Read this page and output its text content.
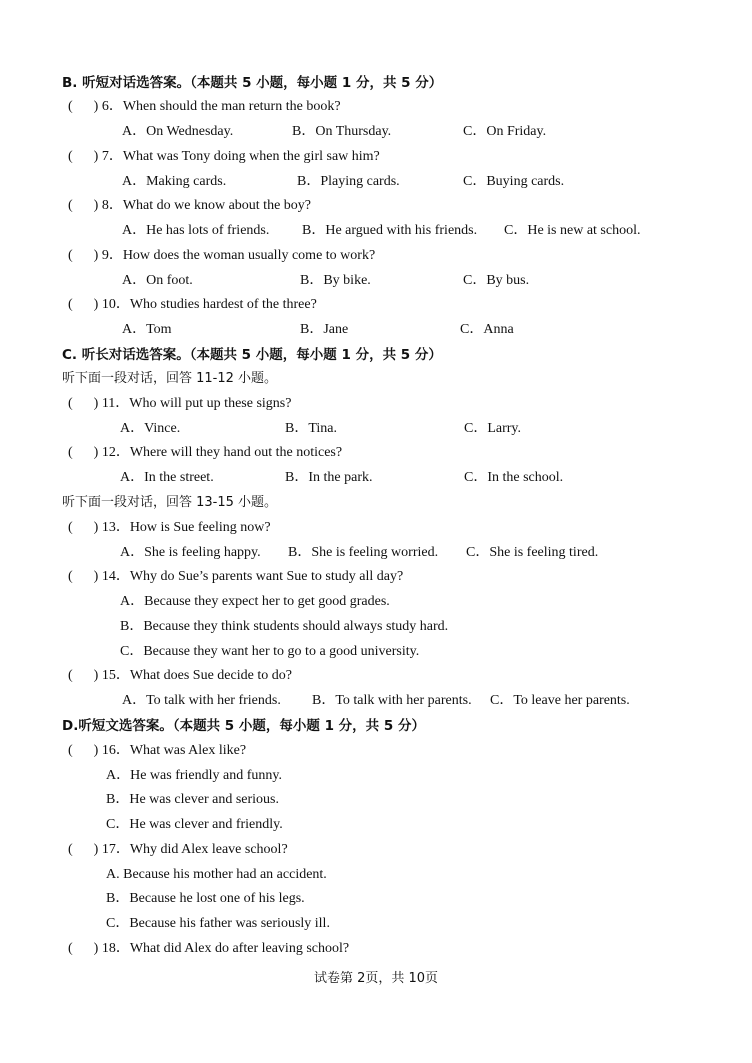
B. 听短对话选答案。（本题共 5 小题，每小题 1 分，共 5 分）
(      ) 6．When should the man return the book?
A．On Wednesday.	B．On Thursday.	C．On Friday.
(      ) 7．What was Tony doing when the girl saw him?
A．Making cards.	B．Playing cards.	C．Buying cards.
(      ) 8．What do we know about the boy?
A．He has lots of friends. B．He argued with his friends. C．He is new at school.
(      ) 9．How does the woman usually come to work?
A．On foot.	B．By bike.	C．By bus.
(      ) 10．Who studies hardest of the three?
A．Tom	B．Jane	C．Anna
C. 听长对话选答案。（本题共 5 小题，每小题 1 分，共 5 分）
听下面一段对话，回答 11-12 小题。
(      ) 11．Who will put up these signs?
A．Vince.	B．Tina.	C．Larry.
(      ) 12．Where will they hand out the notices?
A．In the street.	B．In the park.	C．In the school.
听下面一段对话，回答 13-15 小题。
(      ) 13．How is Sue feeling now?
A．She is feeling happy. B．She is feeling worried. C．She is feeling tired.
(      ) 14．Why do Sue’s parents want Sue to study all day?
A．Because they expect her to get good grades.
B．Because they think students should always study hard.
C．Because they want her to go to a good university.
(      ) 15．What does Sue decide to do?
A．To talk with her friends. B．To talk with her parents. C．To leave her parents.
D.听短文选答案。（本题共 5 小题，每小题 1 分，共 5 分）
(      ) 16．What was Alex like?
A．He was friendly and funny.
B．He was clever and serious.
C．He was clever and friendly.
(      ) 17．Why did Alex leave school?
A. Because his mother had an accident.
B．Because he lost one of his legs.
C．Because his father was seriously ill.
(      ) 18．What did Alex do after leaving school?
试卷第 2页，共 10页
